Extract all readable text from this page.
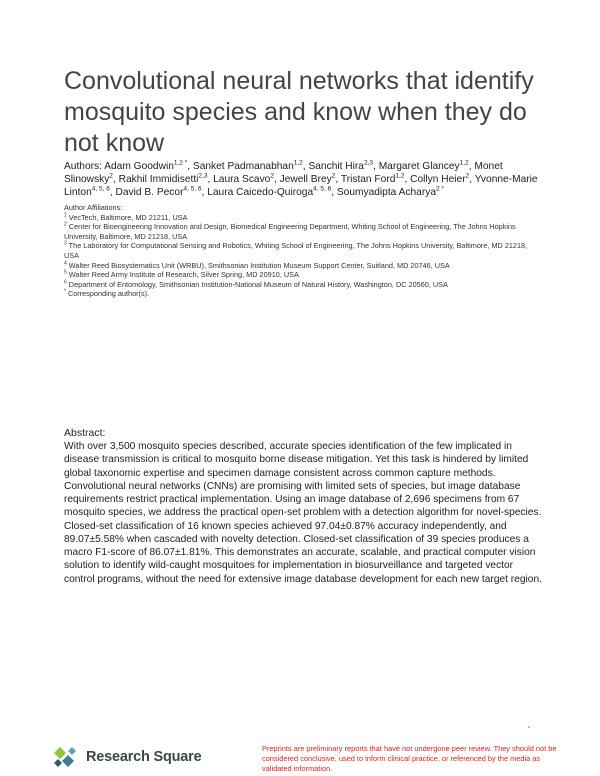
Convolutional neural networks that identify mosquito species and know when they do not know
Authors: Adam Goodwin$^{1,2 *}$, Sanket Padmanabhan$^{1,2}$, Sanchit Hira$^{2,3}$, Margaret Glancey$^{1,2}$, Monet Slinowsky$^2$, Rakhil Immidisetti$^{2,3}$, Laura Scavo$^2$, Jewell Brey$^2$, Tristan Ford$^{1,2}$, Collyn Heier$^2$, Yvonne-Marie Linton$^{4, 5, 6}$, David B. Pecor$^{4, 5, 6}$, Laura Caicedo-Quiroga$^{4, 5, 6}$, Soumyadipta Acharya$^{2 *}$
Author Affiliations:
$^1$ VecTech, Baltimore, MD 21211, USA
$^2$ Center for Bioengineering Innovation and Design, Biomedical Engineering Department, Whiting School of Engineering, The Johns Hopkins University, Baltimore, MD 21218, USA
$^3$ The Laboratory for Computational Sensing and Robotics, Whiting School of Engineering, The Johns Hopkins University, Baltimore, MD 21218, USA
$^4$ Walter Reed Biosystematics Unit (WRBU), Smithsonian Institution Museum Support Center, Suitland, MD 20746, USA
$^5$ Walter Reed Army Institute of Research, Silver Spring, MD 20910, USA
$^6$ Department of Entomology, Smithsonian Institution-National Museum of Natural History, Washington, DC 20560, USA
* Corresponding author(s).
Abstract:
With over 3,500 mosquito species described, accurate species identification of the few implicated in disease transmission is critical to mosquito borne disease mitigation. Yet this task is hindered by limited global taxonomic expertise and specimen damage consistent across common capture methods. Convolutional neural networks (CNNs) are promising with limited sets of species, but image database requirements restrict practical implementation. Using an image database of 2,696 specimens from 67 mosquito species, we address the practical open-set problem with a detection algorithm for novel-species. Closed-set classification of 16 known species achieved 97.04±0.87% accuracy independently, and 89.07±5.58% when cascaded with novelty detection. Closed-set classification of 39 species produces a macro F1-score of 86.07±1.81%. This demonstrates an accurate, scalable, and practical computer vision solution to identify wild-caught mosquitoes for implementation in biosurveillance and targeted vector control programs, without the need for extensive image database development for each new target region.
Research Square
Preprints are preliminary reports that have not undergone peer review. They should not be considered conclusive, used to inform clinical practice, or referenced by the media as validated information.
